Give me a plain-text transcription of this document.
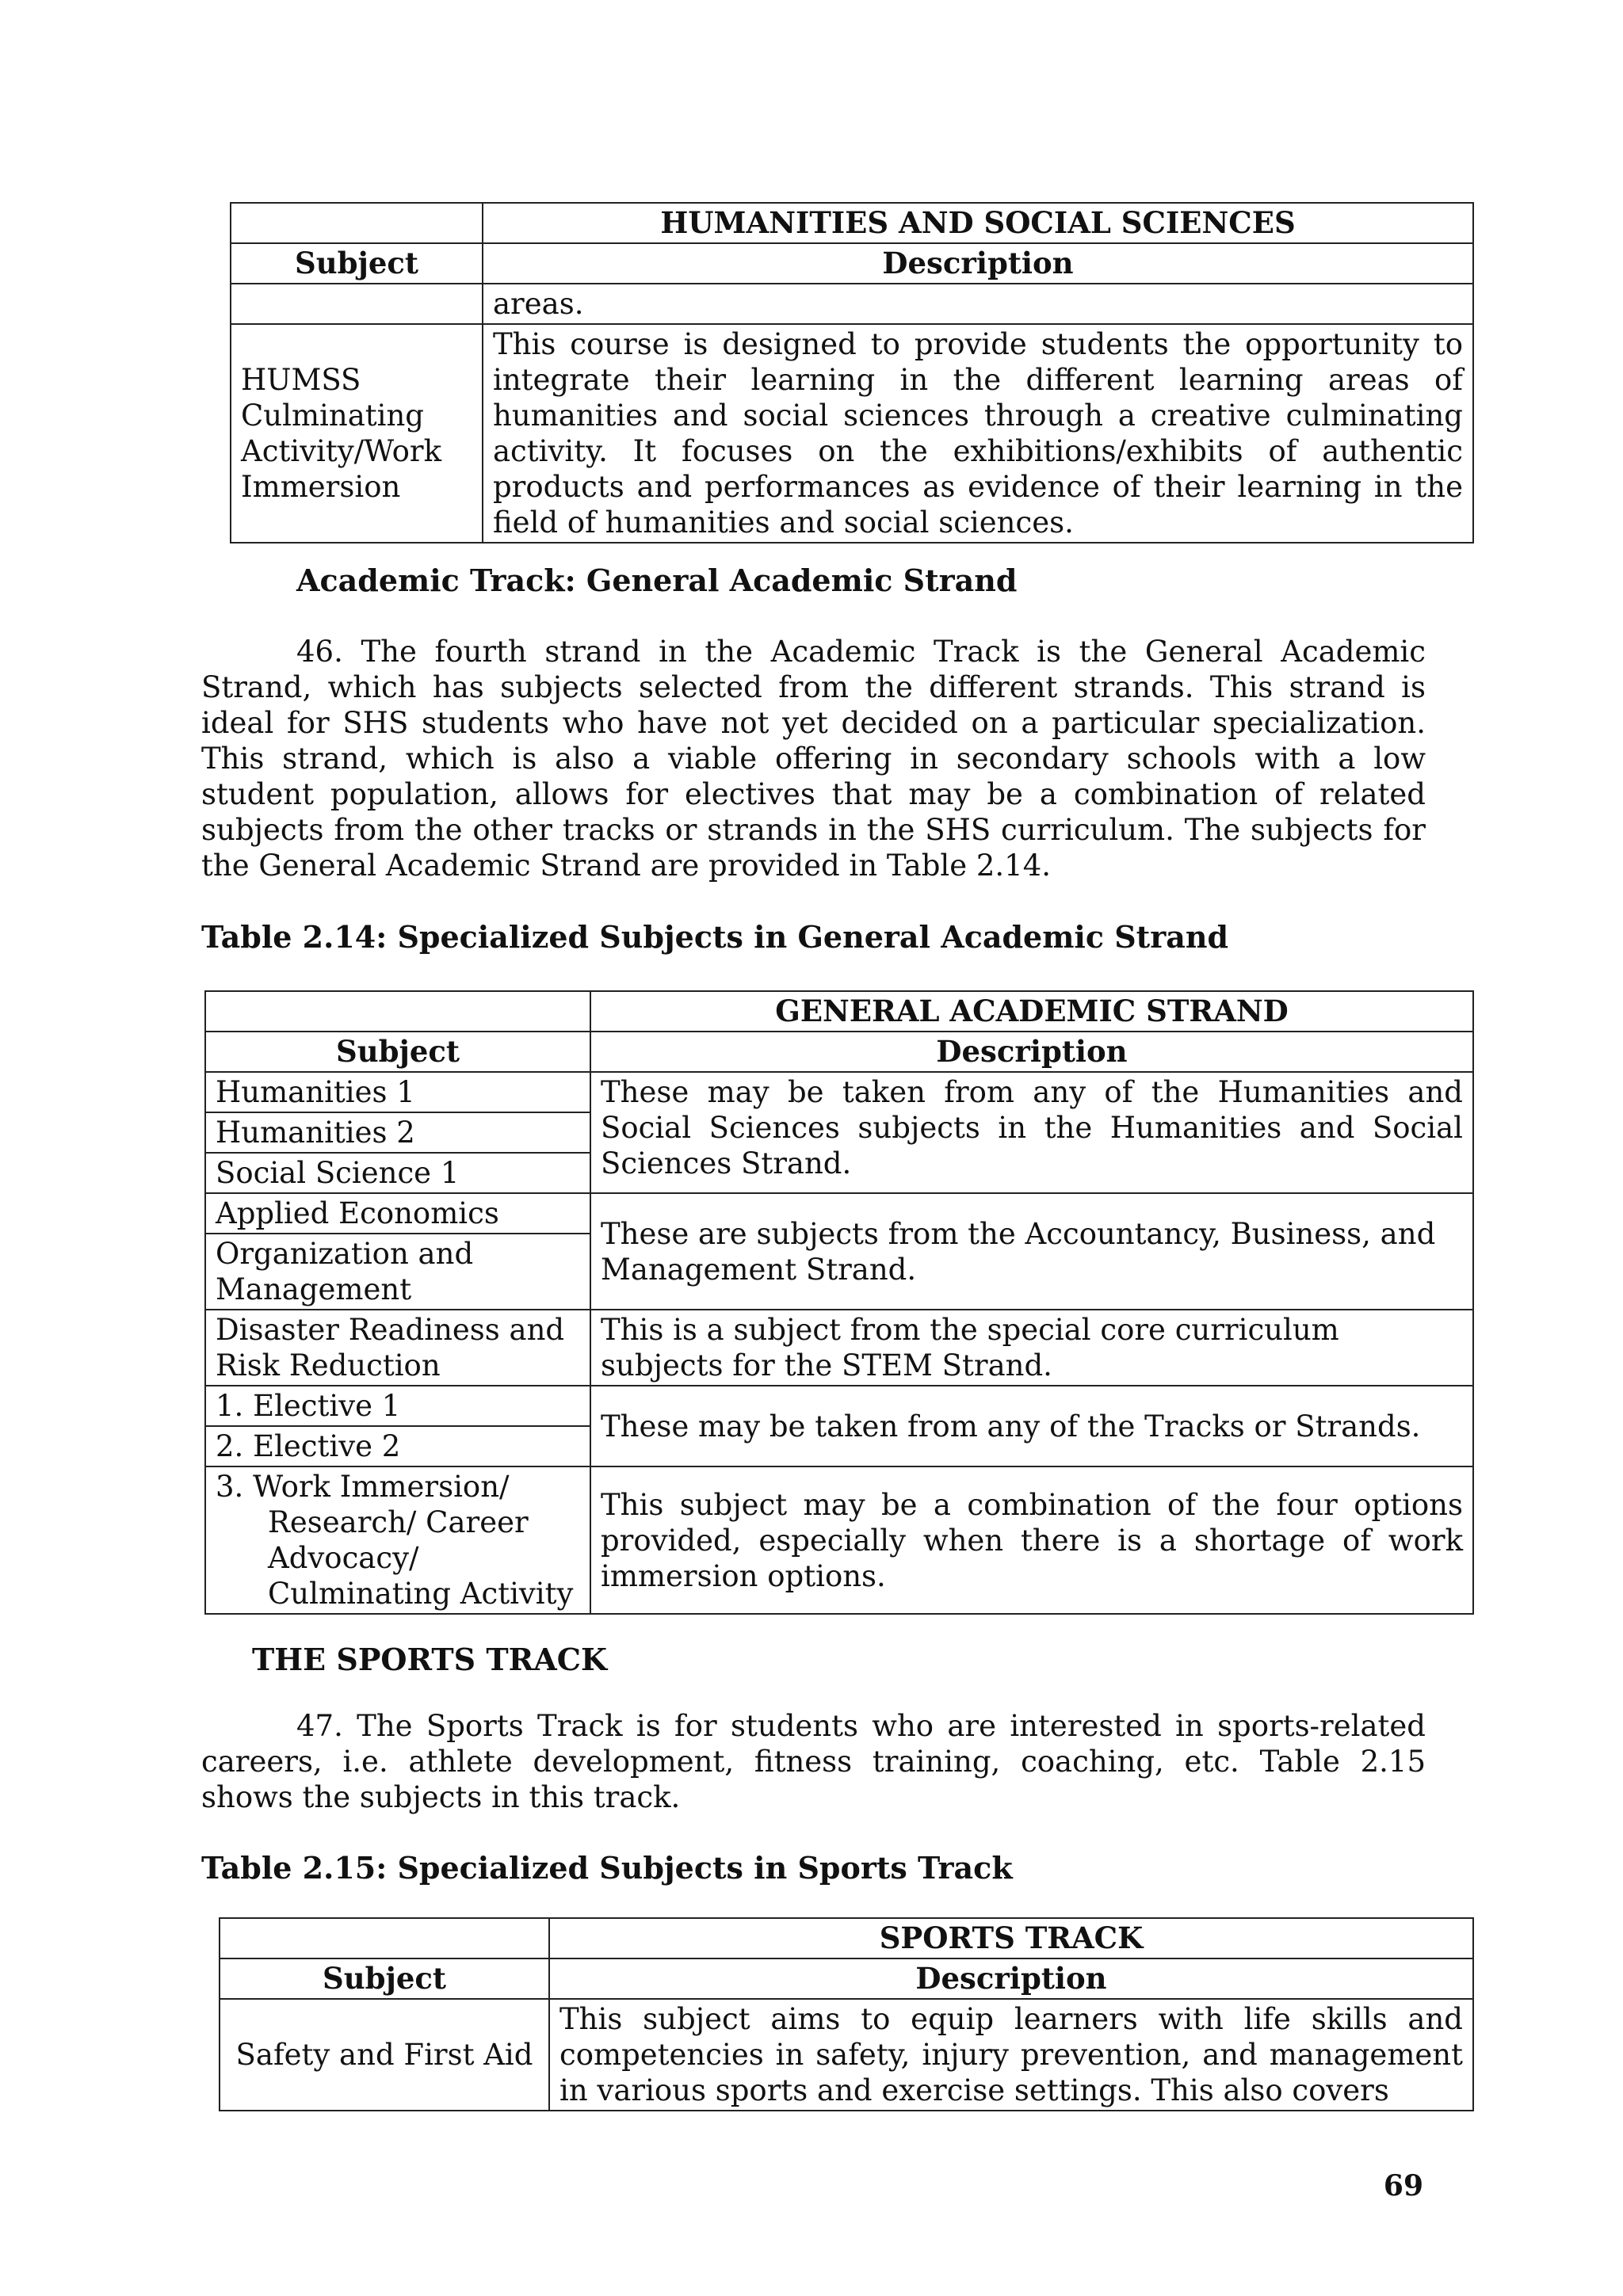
	HUMANITIES AND SOCIAL SCIENCES
Subject	Description
	areas.
HUMSS Culminating Activity/Work Immersion	This course is designed to provide students the opportunity to integrate their learning in the different learning areas of humanities and social sciences through a creative culminating activity. It focuses on the exhibitions/exhibits of authentic products and performances as evidence of their learning in the field of humanities and social sciences.
Academic Track: General Academic Strand
46. The fourth strand in the Academic Track is the General Academic Strand, which has subjects selected from the different strands. This strand is ideal for SHS students who have not yet decided on a particular specialization. This strand, which is also a viable offering in secondary schools with a low student population, allows for electives that may be a combination of related subjects from the other tracks or strands in the SHS curriculum. The subjects for the General Academic Strand are provided in Table 2.14.
Table 2.14: Specialized Subjects in General Academic Strand
	GENERAL ACADEMIC STRAND
Subject	Description

Humanities 1	These may be taken from any of the Humanities and Social Sciences subjects in the Humanities and Social Sciences Strand.

Humanities 2	

Social Science 1	

Applied Economics	These are subjects from the Accountancy, Business, and Management Strand.

Organization and Management	

Disaster Readiness and Risk Reduction	This is a subject from the special core curriculum subjects for the STEM Strand.

1. Elective 1	These may be taken from any of the Tracks or Strands.

2. Elective 2	

3. Work Immersion/ Research/ Career Advocacy/ Culminating Activity	This subject may be a combination of the four options provided, especially when there is a shortage of work immersion options.
THE SPORTS TRACK
47. The Sports Track is for students who are interested in sports-related careers, i.e. athlete development, fitness training, coaching, etc. Table 2.15 shows the subjects in this track.
Table 2.15: Specialized Subjects in Sports Track
	SPORTS TRACK
Subject	Description
Safety and First Aid	This subject aims to equip learners with life skills and competencies in safety, injury prevention, and management in various sports and exercise settings. This also covers
69
